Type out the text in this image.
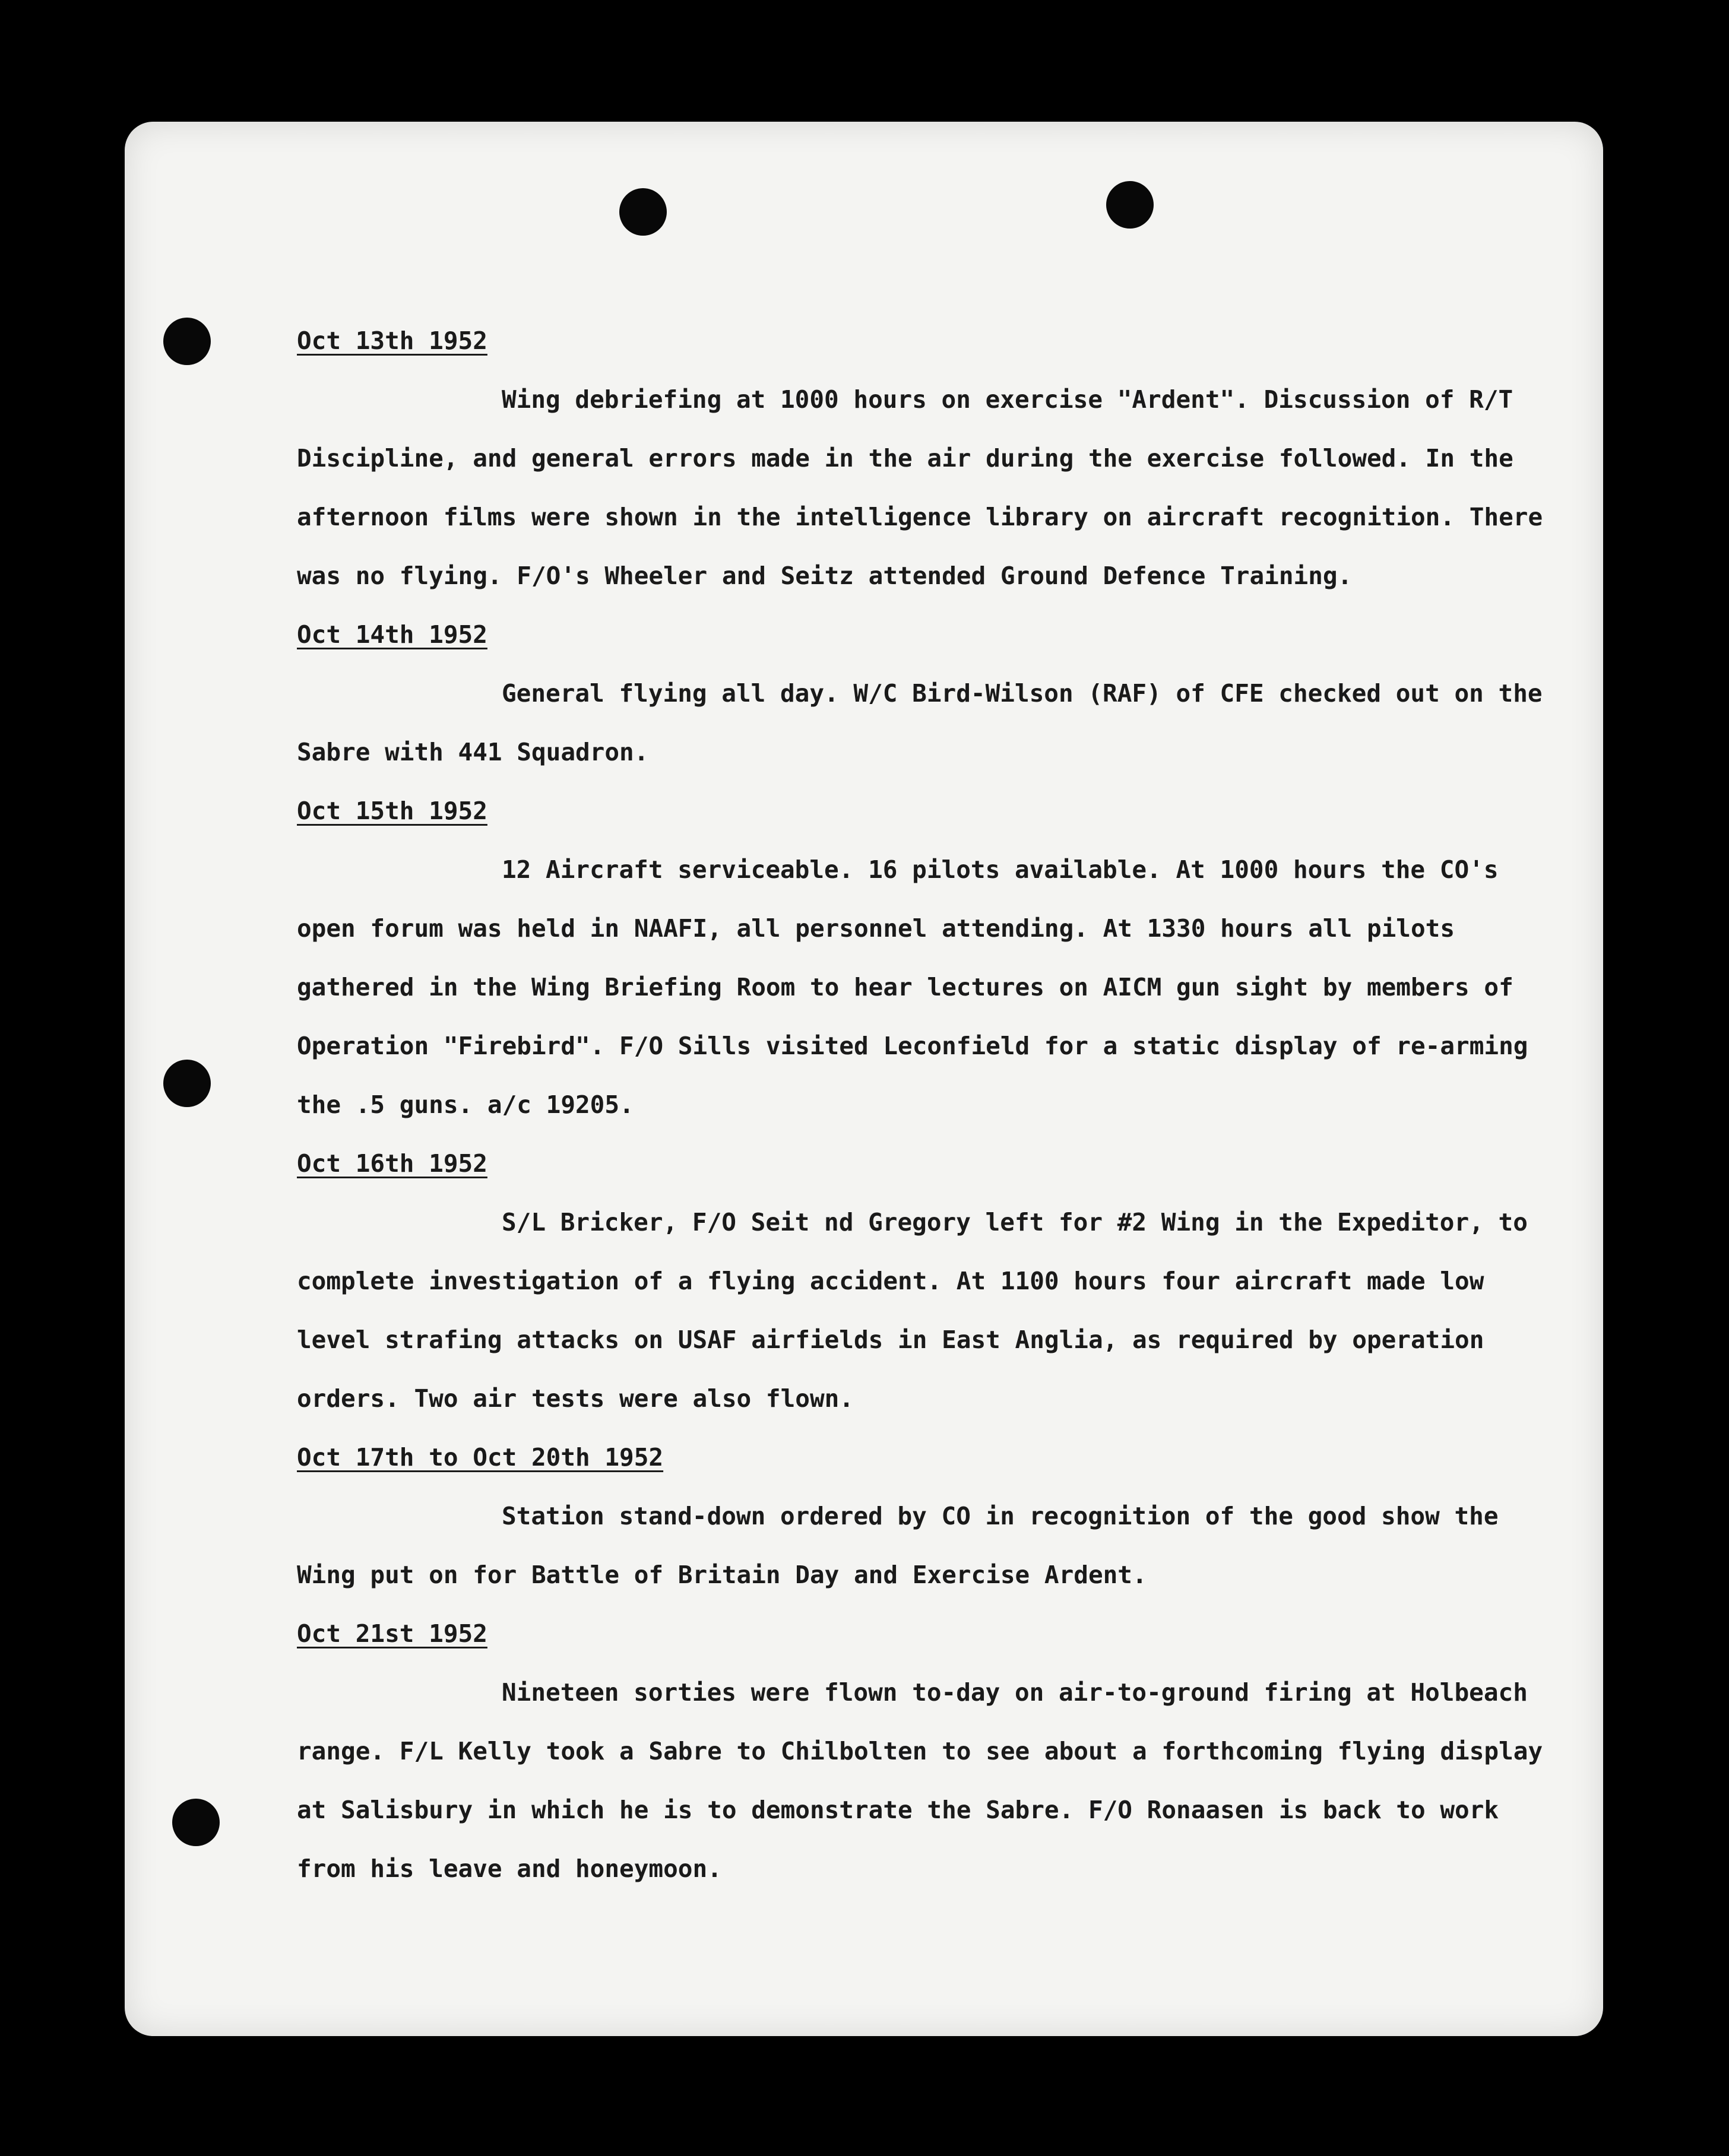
Oct 13th 1952

Wing debriefing at 1000 hours on exercise "Ardent". Discussion of R/T Discipline, and general errors made in the air during the exercise followed. In the afternoon films were shown in the intelligence library on aircraft recognition. There was no flying. F/O's Wheeler and Seitz attended Ground Defence Training.

Oct 14th 1952

General flying all day. W/C Bird-Wilson (RAF) of CFE checked out on the Sabre with 441 Squadron.

Oct 15th 1952

12 Aircraft serviceable. 16 pilots available. At 1000 hours the CO's open forum was held in NAAFI, all personnel attending. At 1330 hours all pilots gathered in the Wing Briefing Room to hear lectures on AICM gun sight by members of Operation "Firebird". F/O Sills visited Leconfield for a static display of re-arming the .5 guns. a/c 19205.

Oct 16th 1952

S/L Bricker, F/O Seit nd Gregory left for #2 Wing in the Expeditor, to complete investigation of a flying accident. At 1100 hours four aircraft made low level strafing attacks on USAF airfields in East Anglia, as required by operation orders. Two air tests were also flown.

Oct 17th to Oct 20th 1952

Station stand-down ordered by CO in recognition of the good show the Wing put on for Battle of Britain Day and Exercise Ardent.

Oct 21st 1952

Nineteen sorties were flown to-day on air-to-ground firing at Holbeach range. F/L Kelly took a Sabre to Chilbolten to see about a forthcoming flying display at Salisbury in which he is to demonstrate the Sabre. F/O Ronaasen is back to work from his leave and honeymoon.
